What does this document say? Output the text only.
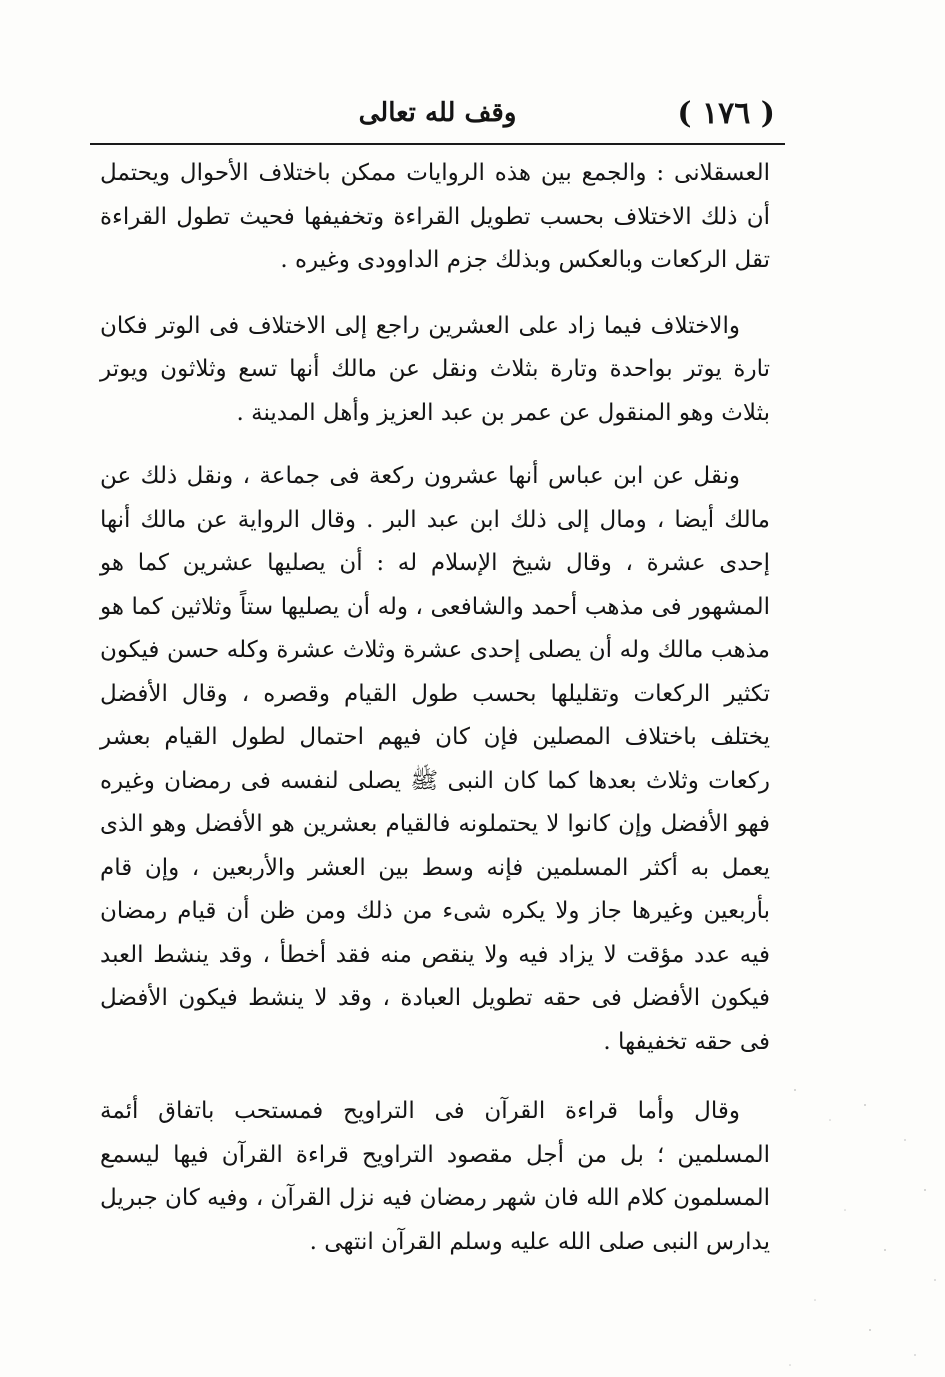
( ١٧٦ )
وقف لله تعالى

العسقلانى : والجمع بين هذه الروايات ممكن باختلاف الأحوال ويحتمل أن ذلك الاختلاف بحسب تطويل القراءة وتخفيفها فحيث تطول القراءة تقل الركعات وبالعكس وبذلك جزم الداوودى وغيره .

والاختلاف فيما زاد على العشرين راجع إلى الاختلاف فى الوتر فكان تارة يوتر بواحدة وتارة بثلاث ونقل عن مالك أنها تسع وثلاثون ويوتر بثلاث وهو المنقول عن عمر بن عبد العزيز وأهل المدينة .

ونقل عن ابن عباس أنها عشرون ركعة فى جماعة ، ونقل ذلك عن مالك أيضا ، ومال إلى ذلك ابن عبد البر . وقال الرواية عن مالك أنها إحدى عشرة ، وقال شيخ الإسلام له : أن يصليها عشرين كما هو المشهور فى مذهب أحمد والشافعى ، وله أن يصليها ستاً وثلاثين كما هو مذهب مالك وله أن يصلى إحدى عشرة وثلاث عشرة وكله حسن فيكون تكثير الركعات وتقليلها بحسب طول القيام وقصره ، وقال الأفضل يختلف باختلاف المصلين فإن كان فيهم احتمال لطول القيام بعشر ركعات وثلاث بعدها كما كان النبى ﷺ يصلى لنفسه فى رمضان وغيره فهو الأفضل وإن كانوا لا يحتملونه فالقيام بعشرين هو الأفضل وهو الذى يعمل به أكثر المسلمين فإنه وسط بين العشر والأربعين ، وإن قام بأربعين وغيرها جاز ولا يكره شىء من ذلك ومن ظن أن قيام رمضان فيه عدد مؤقت لا يزاد فيه ولا ينقص منه فقد أخطأ ، وقد ينشط العبد فيكون الأفضل فى حقه تطويل العبادة ، وقد لا ينشط فيكون الأفضل فى حقه تخفيفها .

وقال وأما قراءة القرآن فى التراويح فمستحب باتفاق أئمة المسلمين ؛ بل من أجل مقصود التراويح قراءة القرآن فيها ليسمع المسلمون كلام الله فان شهر رمضان فيه نزل القرآن ، وفيه كان جبريل يدارس النبى صلى الله عليه وسلم القرآن انتهى .
